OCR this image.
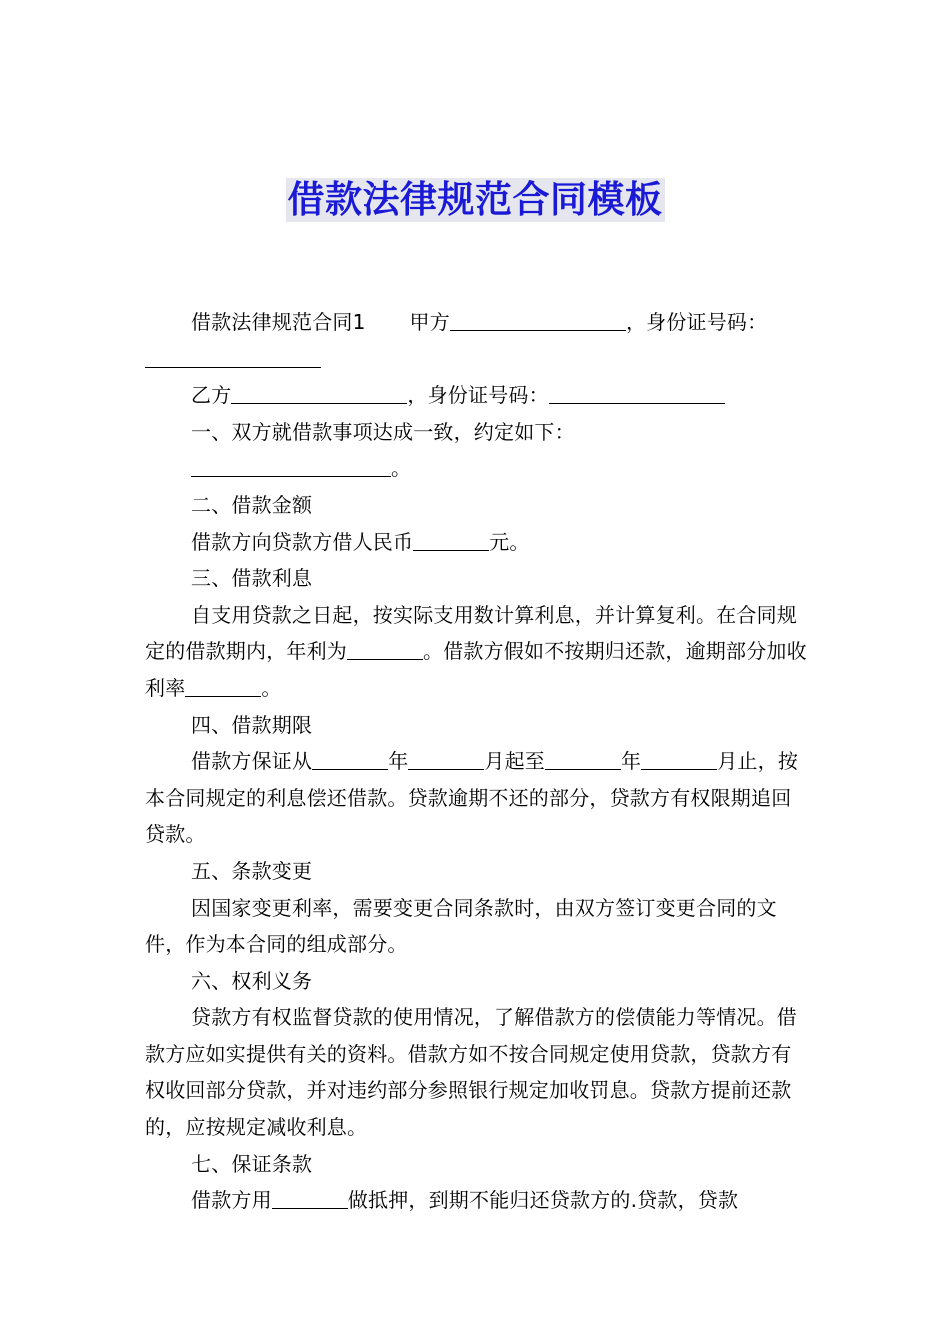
借款法律规范合同模板

借款法律规范合同1 甲方	，身份证号码：

乙方	，身份证号码：

一、双方就借款事项达成一致，约定如下：

。

二、借款金额

借款方向贷款方借人民币	元。

三、借款利息

自支用贷款之日起，按实际支用数计算利息，并计算复利。在合同规定的借款期内，年利为	。借款方假如不按期归还款，逾期部分加收利率	。

四、借款期限

借款方保证从	年	月起至	年	月止，按本合同规定的利息偿还借款。贷款逾期不还的部分，贷款方有权限期追回贷款。

五、条款变更

因国家变更利率，需要变更合同条款时，由双方签订变更合同的文件，作为本合同的组成部分。

六、权利义务

贷款方有权监督贷款的使用情况，了解借款方的偿债能力等情况。借款方应如实提供有关的资料。借款方如不按合同规定使用贷款，贷款方有权收回部分贷款，并对违约部分参照银行规定加收罚息。贷款方提前还款的，应按规定减收利息。

七、保证条款

借款方用	做抵押，到期不能归还贷款方的.贷款，贷款
